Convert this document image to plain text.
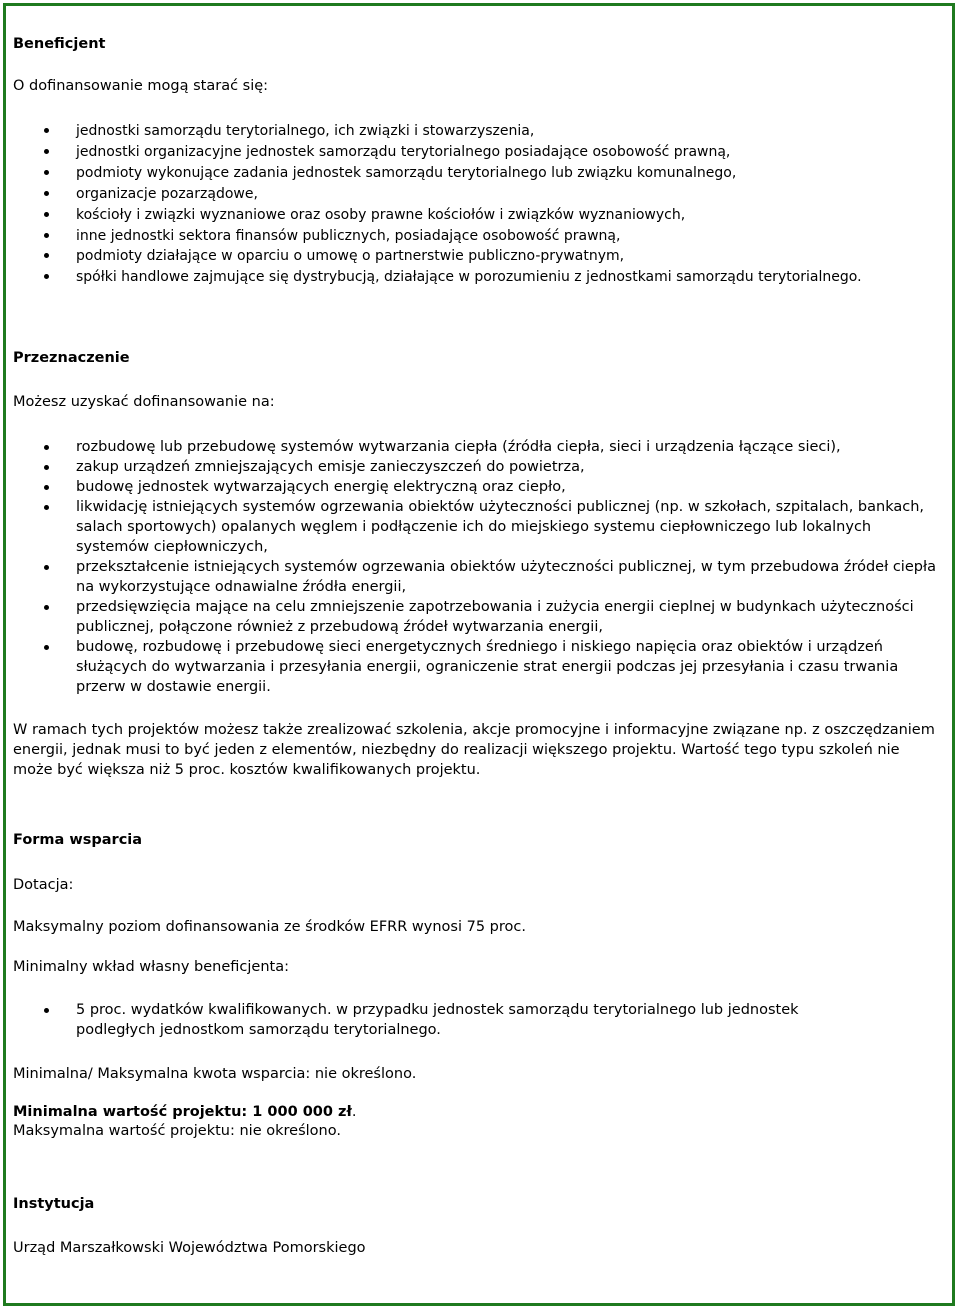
Beneficjent
O dofinansowanie mogą starać się:
jednostki samorządu terytorialnego, ich związki i stowarzyszenia,
jednostki organizacyjne jednostek samorządu terytorialnego posiadające osobowość prawną,
podmioty wykonujące zadania jednostek samorządu terytorialnego lub związku komunalnego,
organizacje pozarządowe,
kościoły i związki wyznaniowe oraz osoby prawne kościołów i związków wyznaniowych,
inne jednostki sektora finansów publicznych, posiadające osobowość prawną,
podmioty działające w oparciu o umowę o partnerstwie publiczno-prywatnym,
spółki handlowe zajmujące się dystrybucją, działające w porozumieniu z jednostkami samorządu terytorialnego.
Przeznaczenie
Możesz uzyskać dofinansowanie na:
rozbudowę lub przebudowę systemów wytwarzania ciepła (źródła ciepła, sieci i urządzenia łączące sieci),
zakup urządzeń zmniejszających emisje zanieczyszczeń do powietrza,
budowę jednostek wytwarzających energię elektryczną oraz ciepło,
likwidację istniejących systemów ogrzewania obiektów użyteczności publicznej (np. w szkołach, szpitalach, bankach, salach sportowych) opalanych węglem i podłączenie ich do miejskiego systemu ciepłowniczego lub lokalnych systemów ciepłowniczych,
przekształcenie istniejących systemów ogrzewania obiektów użyteczności publicznej, w tym przebudowa źródeł ciepła na wykorzystujące odnawialne źródła energii,
przedsięwzięcia mające na celu zmniejszenie zapotrzebowania i zużycia energii cieplnej w budynkach użyteczności publicznej, połączone również z przebudową źródeł wytwarzania energii,
budowę, rozbudowę i przebudowę sieci energetycznych średniego i niskiego napięcia oraz obiektów i urządzeń służących do wytwarzania i przesyłania energii, ograniczenie strat energii podczas jej przesyłania i czasu trwania przerw w dostawie energii.
W ramach tych projektów możesz także zrealizować szkolenia, akcje promocyjne i informacyjne związane np. z oszczędzaniem energii, jednak musi to być jeden z elementów, niezbędny do realizacji większego projektu. Wartość tego typu szkoleń nie może być większa niż 5 proc. kosztów kwalifikowanych projektu.
Forma wsparcia
Dotacja:
Maksymalny poziom dofinansowania ze środków EFRR wynosi 75 proc.
Minimalny wkład własny beneficjenta:
5 proc. wydatków kwalifikowanych. w przypadku jednostek samorządu terytorialnego lub jednostek podległych jednostkom samorządu terytorialnego.
Minimalna/ Maksymalna kwota wsparcia: nie określono.
Minimalna wartość projektu: 1 000 000 zł.
Maksymalna wartość projektu: nie określono.
Instytucja
Urząd Marszałkowski Województwa Pomorskiego
